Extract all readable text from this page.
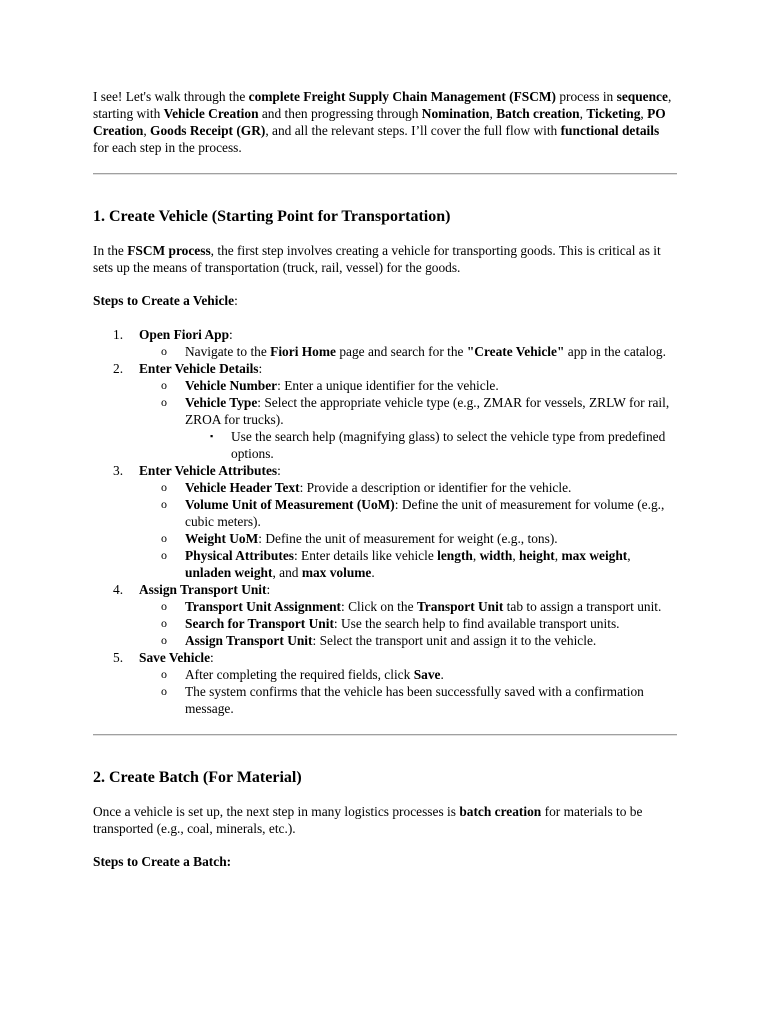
I see! Let's walk through the complete Freight Supply Chain Management (FSCM) process in sequence, starting with Vehicle Creation and then progressing through Nomination, Batch creation, Ticketing, PO Creation, Goods Receipt (GR), and all the relevant steps. I’ll cover the full flow with functional details for each step in the process.

1. Create Vehicle (Starting Point for Transportation)

In the FSCM process, the first step involves creating a vehicle for transporting goods. This is critical as it sets up the means of transportation (truck, rail, vessel) for the goods.

Steps to Create a Vehicle:

1. Open Fiori App:
o Navigate to the Fiori Home page and search for the "Create Vehicle" app in the catalog.
2. Enter Vehicle Details:
o Vehicle Number: Enter a unique identifier for the vehicle.
o Vehicle Type: Select the appropriate vehicle type (e.g., ZMAR for vessels, ZRLW for rail, ZROA for trucks).
▪ Use the search help (magnifying glass) to select the vehicle type from predefined options.
3. Enter Vehicle Attributes:
o Vehicle Header Text: Provide a description or identifier for the vehicle.
o Volume Unit of Measurement (UoM): Define the unit of measurement for volume (e.g., cubic meters).
o Weight UoM: Define the unit of measurement for weight (e.g., tons).
o Physical Attributes: Enter details like vehicle length, width, height, max weight, unladen weight, and max volume.
4. Assign Transport Unit:
o Transport Unit Assignment: Click on the Transport Unit tab to assign a transport unit.
o Search for Transport Unit: Use the search help to find available transport units.
o Assign Transport Unit: Select the transport unit and assign it to the vehicle.
5. Save Vehicle:
o After completing the required fields, click Save.
o The system confirms that the vehicle has been successfully saved with a confirmation message.
2. Create Batch (For Material)

Once a vehicle is set up, the next step in many logistics processes is batch creation for materials to be transported (e.g., coal, minerals, etc.).

Steps to Create a Batch:
